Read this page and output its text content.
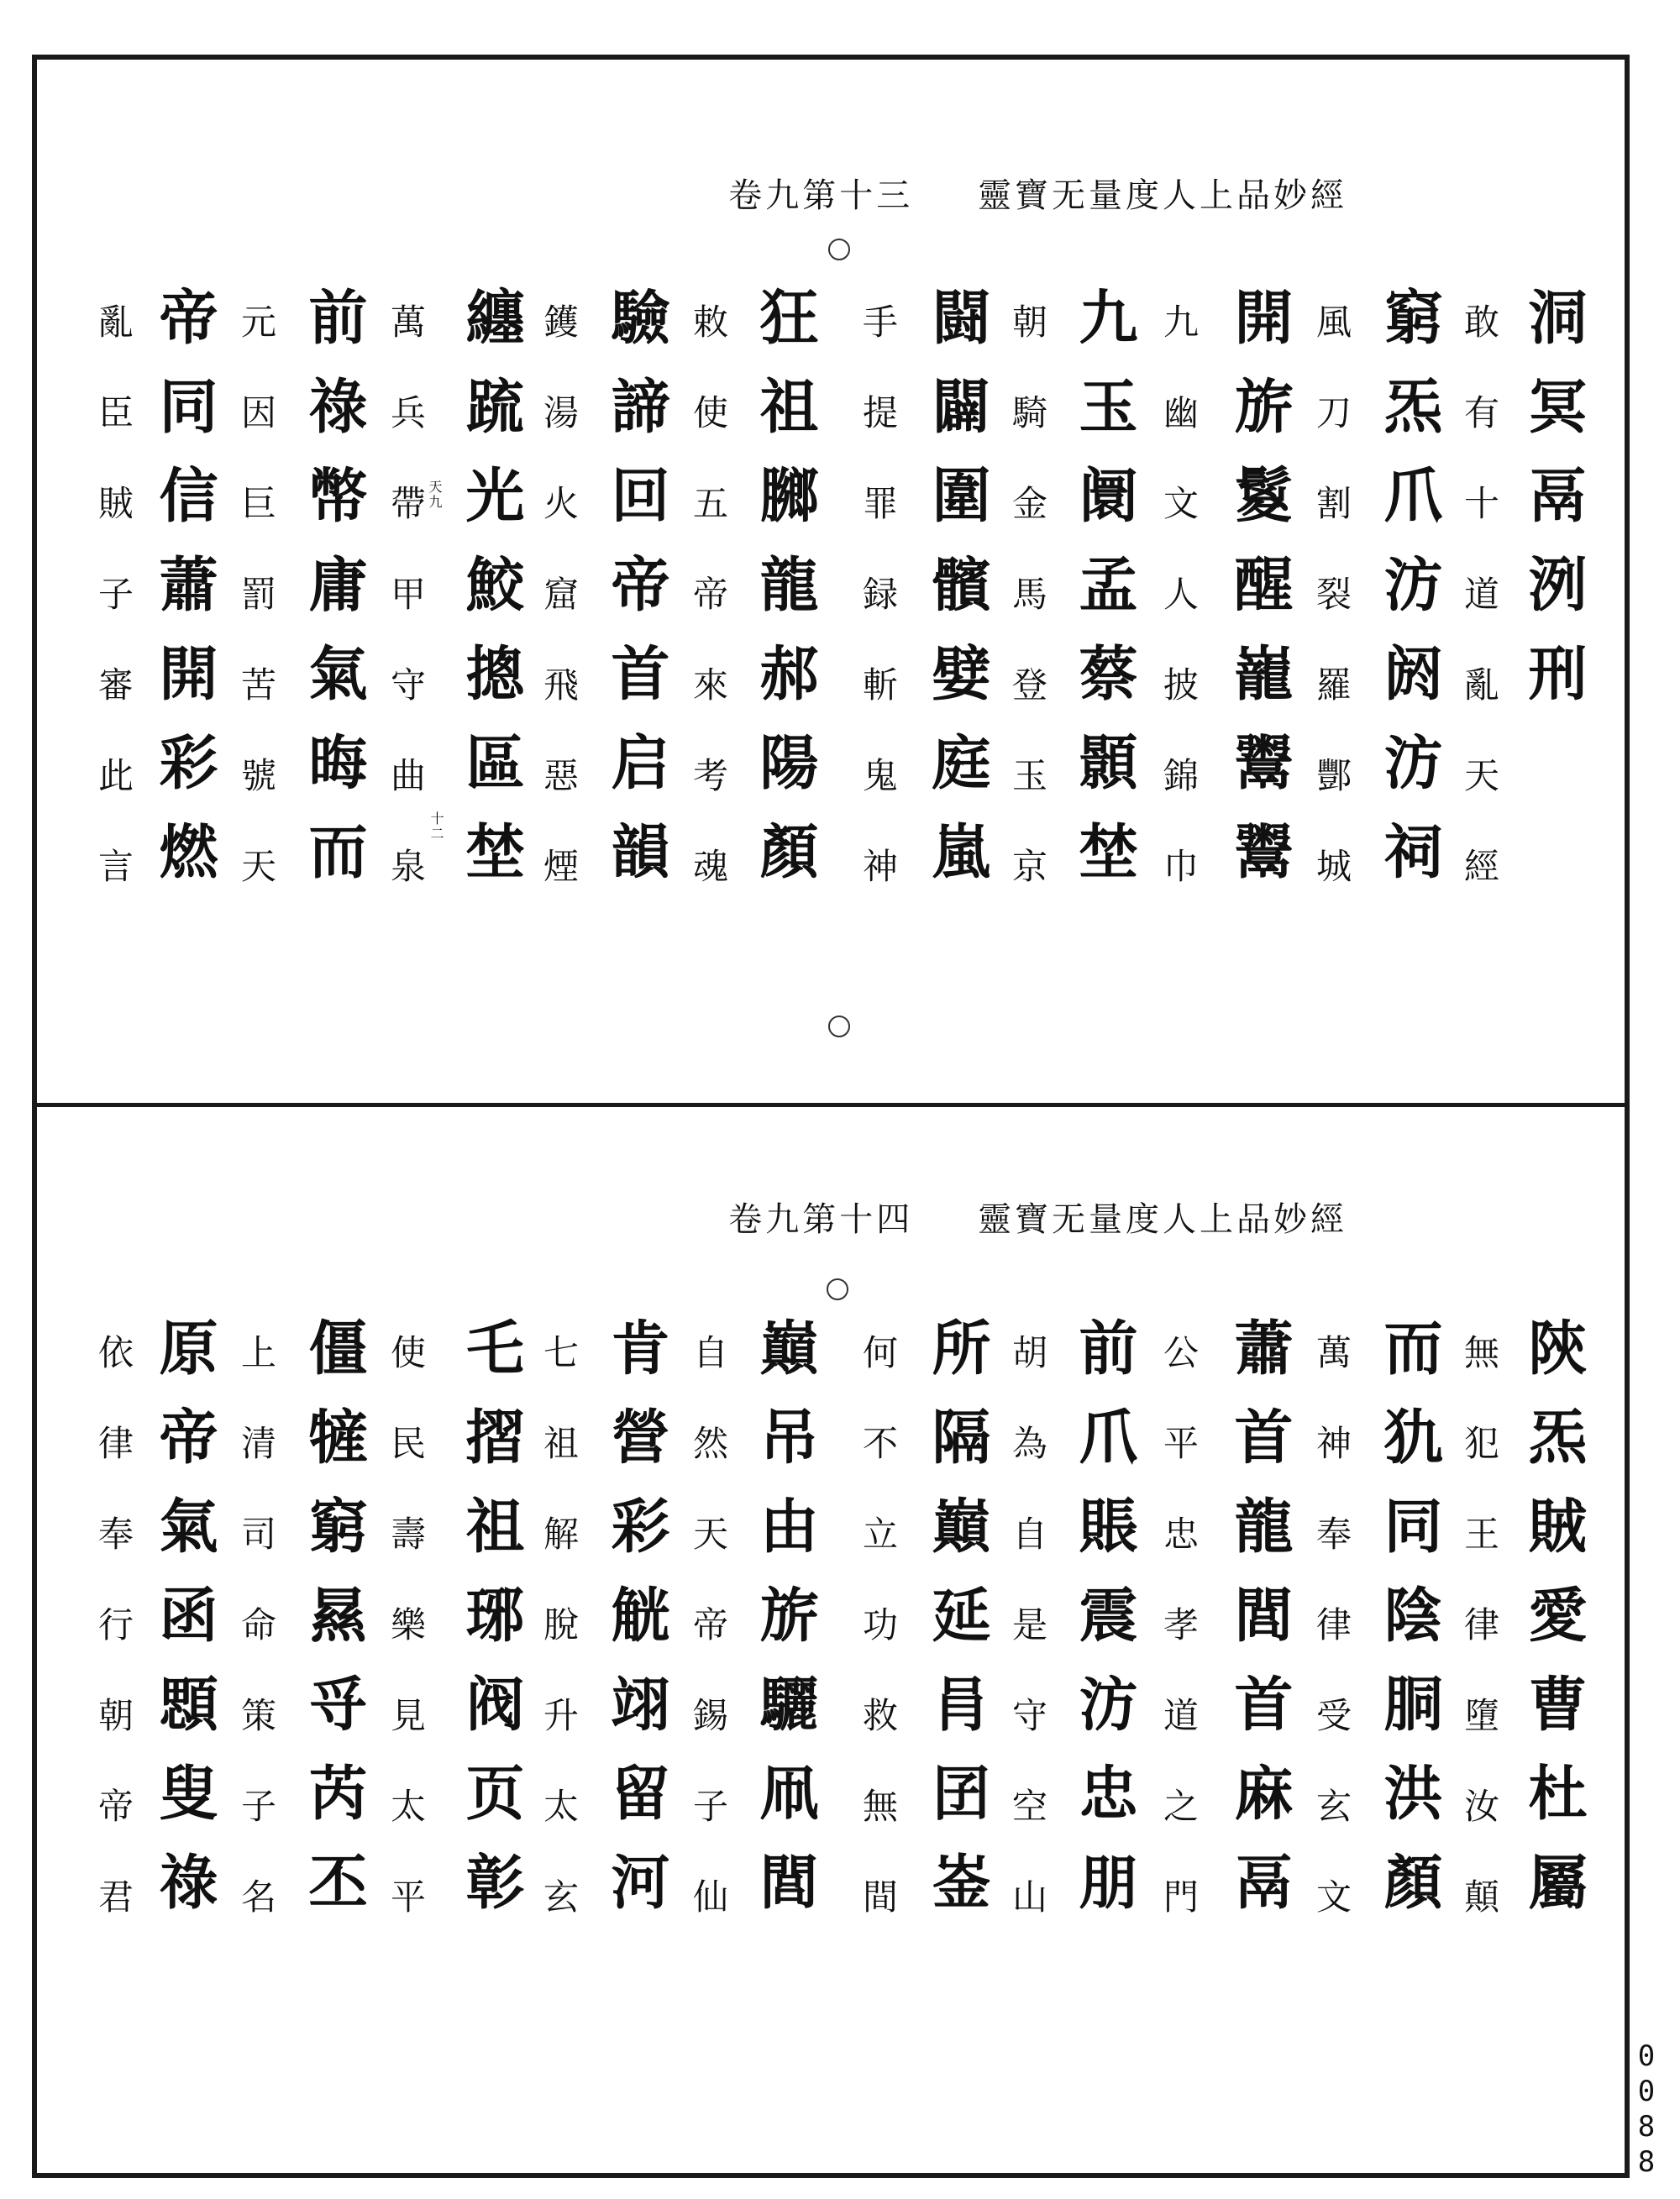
靈寶无量度人上品妙經 卷九第十三
洞冥鬲洌刑
敢有十道亂天經
窮炁爪汸阏汸祠
風刀割裂羅酆城
開旂鬉醒巃鬻鬻
九幽文人披錦巾
九玉阛孟蔡顥埜
朝騎金馬登玉京
闘闢圍髕嬖庭嵐
手提罪録斬鬼神
狂祖膷龍郝陽顏
敕使五帝來考魂
驗諦回帝首启韻
鑊湯火窟飛惡煙
纏䟽光鮫摠區埜
萬兵帶甲守曲泉
前祿幣庸氣晦而
元因巨罰苦號天
帝同信蕭開彩燃
亂臣賊子審此言	天九
十二
靈寶无量度人上品妙經 卷九第十四
陝炁賊愛曹杜屬
無犯王律墮汝顛
而犰同陰胴洪顏
萬神奉律受玄文
蕭首龍閭首麻鬲
公平忠孝道之門
前爪賬震汸忠朋
胡為自是守空山
所隔巔延肙囝崟
何不立功救無間
巔吊由旂驪凧閭
自然天帝錫子仙
肯營彩觥翊留河
七祖解脫升太玄
乇摺祖琊阀页彰
使民壽樂見太平
僵㹌窮㬎寽芮丕
上清司命策子名
原帝氣函顋叟祿
依律奉行朝帝君
0088
